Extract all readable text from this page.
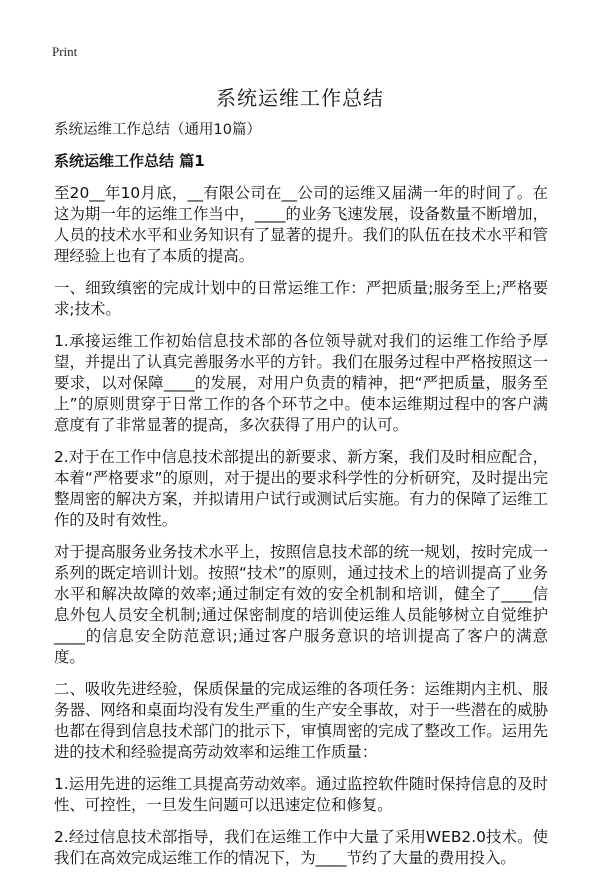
Print
系统运维工作总结

系统运维工作总结（通用10篇）

系统运维工作总结 篇1

至20__年10月底，__有限公司在__公司的运维又届满一年的时间了。在这为期一年的运维工作当中，____的业务飞速发展，设备数量不断增加，人员的技术水平和业务知识有了显著的提升。我们的队伍在技术水平和管理经验上也有了本质的提高。

一、细致缜密的完成计划中的日常运维工作：严把质量;服务至上;严格要求;技术。

1.承接运维工作初始信息技术部的各位领导就对我们的运维工作给予厚望，并提出了认真完善服务水平的方针。我们在服务过程中严格按照这一要求，以对保障____的发展，对用户负责的精神，把“严把质量，服务至上”的原则贯穿于日常工作的各个环节之中。使本运维期过程中的客户满意度有了非常显著的提高，多次获得了用户的认可。

2.对于在工作中信息技术部提出的新要求、新方案，我们及时相应配合，本着“严格要求”的原则，对于提出的要求科学性的分析研究，及时提出完整周密的解决方案，并拟请用户试行或测试后实施。有力的保障了运维工作的及时有效性。

对于提高服务业务技术水平上，按照信息技术部的统一规划，按时完成一系列的既定培训计划。按照“技术”的原则，通过技术上的培训提高了业务水平和解决故障的效率;通过制定有效的安全机制和培训，健全了____信息外包人员安全机制;通过保密制度的培训使运维人员能够树立自觉维护____的信息安全防范意识;通过客户服务意识的培训提高了客户的满意度。

二、吸收先进经验，保质保量的完成运维的各项任务：运维期内主机、服务器、网络和桌面均没有发生严重的生产安全事故，对于一些潜在的威胁也都在得到信息技术部门的批示下，审慎周密的完成了整改工作。运用先进的技术和经验提高劳动效率和运维工作质量：

1.运用先进的运维工具提高劳动效率。通过监控软件随时保持信息的及时性、可控性，一旦发生问题可以迅速定位和修复。

2.经过信息技术部指导，我们在运维工作中大量了采用WEB2.0技术。使我们在高效完成运维工作的情况下，为____节约了大量的费用投入。
